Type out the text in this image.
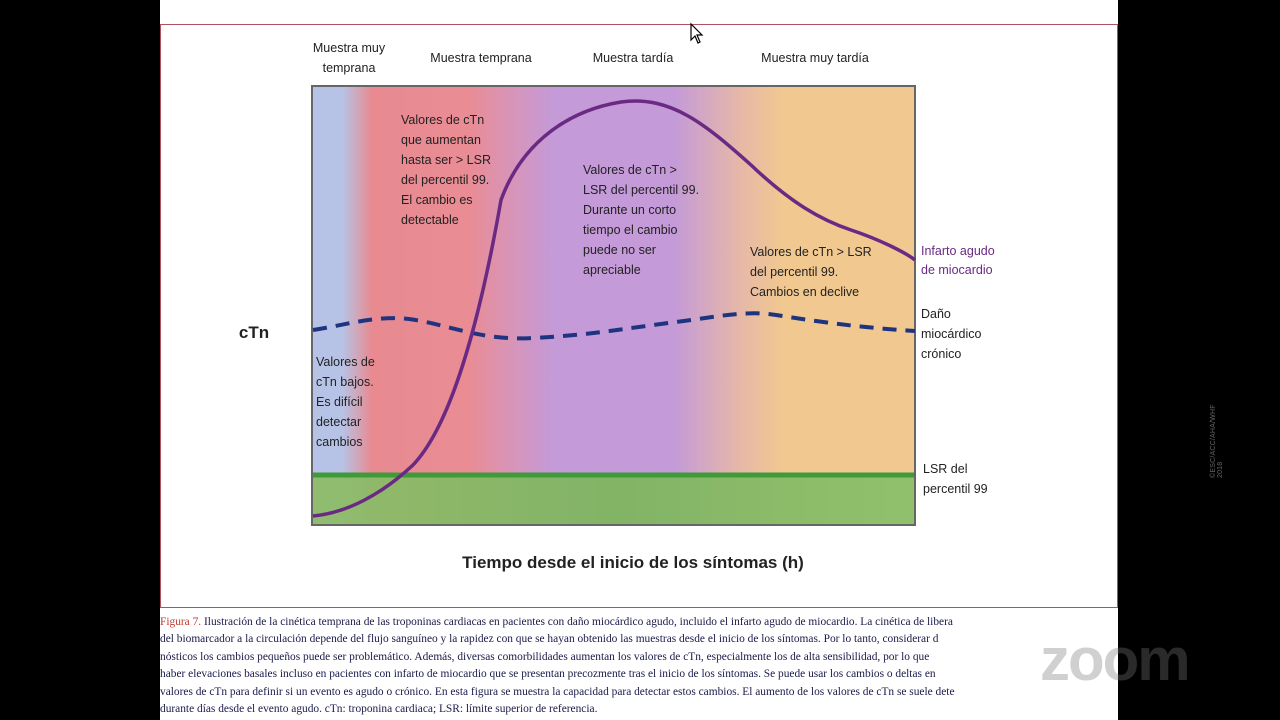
Muestra temprana	Muestra tardía	Muestra muy tardía
cTn
Tiempo desde el inicio de los síntomas (h)
Muestra muy temprana
Valores de cTn que aumentan hasta ser > LSR del percentil 99. El cambio es detectable
Valores de cTn > LSR del percentil 99. Durante un corto tiempo el cambio puede no ser apreciable
Valores de cTn > LSR del percentil 99. Cambios en declive
Valores de cTn bajos. Es difícil detectar cambios
Infarto agudo de miocardio
Daño miocárdico crónico
LSR del percentil 99
©ESC/ACC/AHA/WHF 2018
Figura 7. Ilustración de la cinética temprana de las troponinas cardiacas en pacientes con daño miocárdico agudo, incluido el infarto agudo de miocardio. La cinética de libera
del biomarcador a la circulación depende del flujo sanguíneo y la rapidez con que se hayan obtenido las muestras desde el inicio de los síntomas. Por lo tanto, considerar d
nósticos los cambios pequeños puede ser problemático. Además, diversas comorbilidades aumentan los valores de cTn, especialmente los de alta sensibilidad, por lo que
haber elevaciones basales incluso en pacientes con infarto de miocardio que se presentan precozmente tras el inicio de los síntomas. Se puede usar los cambios o deltas en
valores de cTn para definir si un evento es agudo o crónico. En esta figura se muestra la capacidad para detectar estos cambios. El aumento de los valores de cTn se suele dete
durante días desde el evento agudo. cTn: troponina cardiaca; LSR: límite superior de referencia.
zoom
